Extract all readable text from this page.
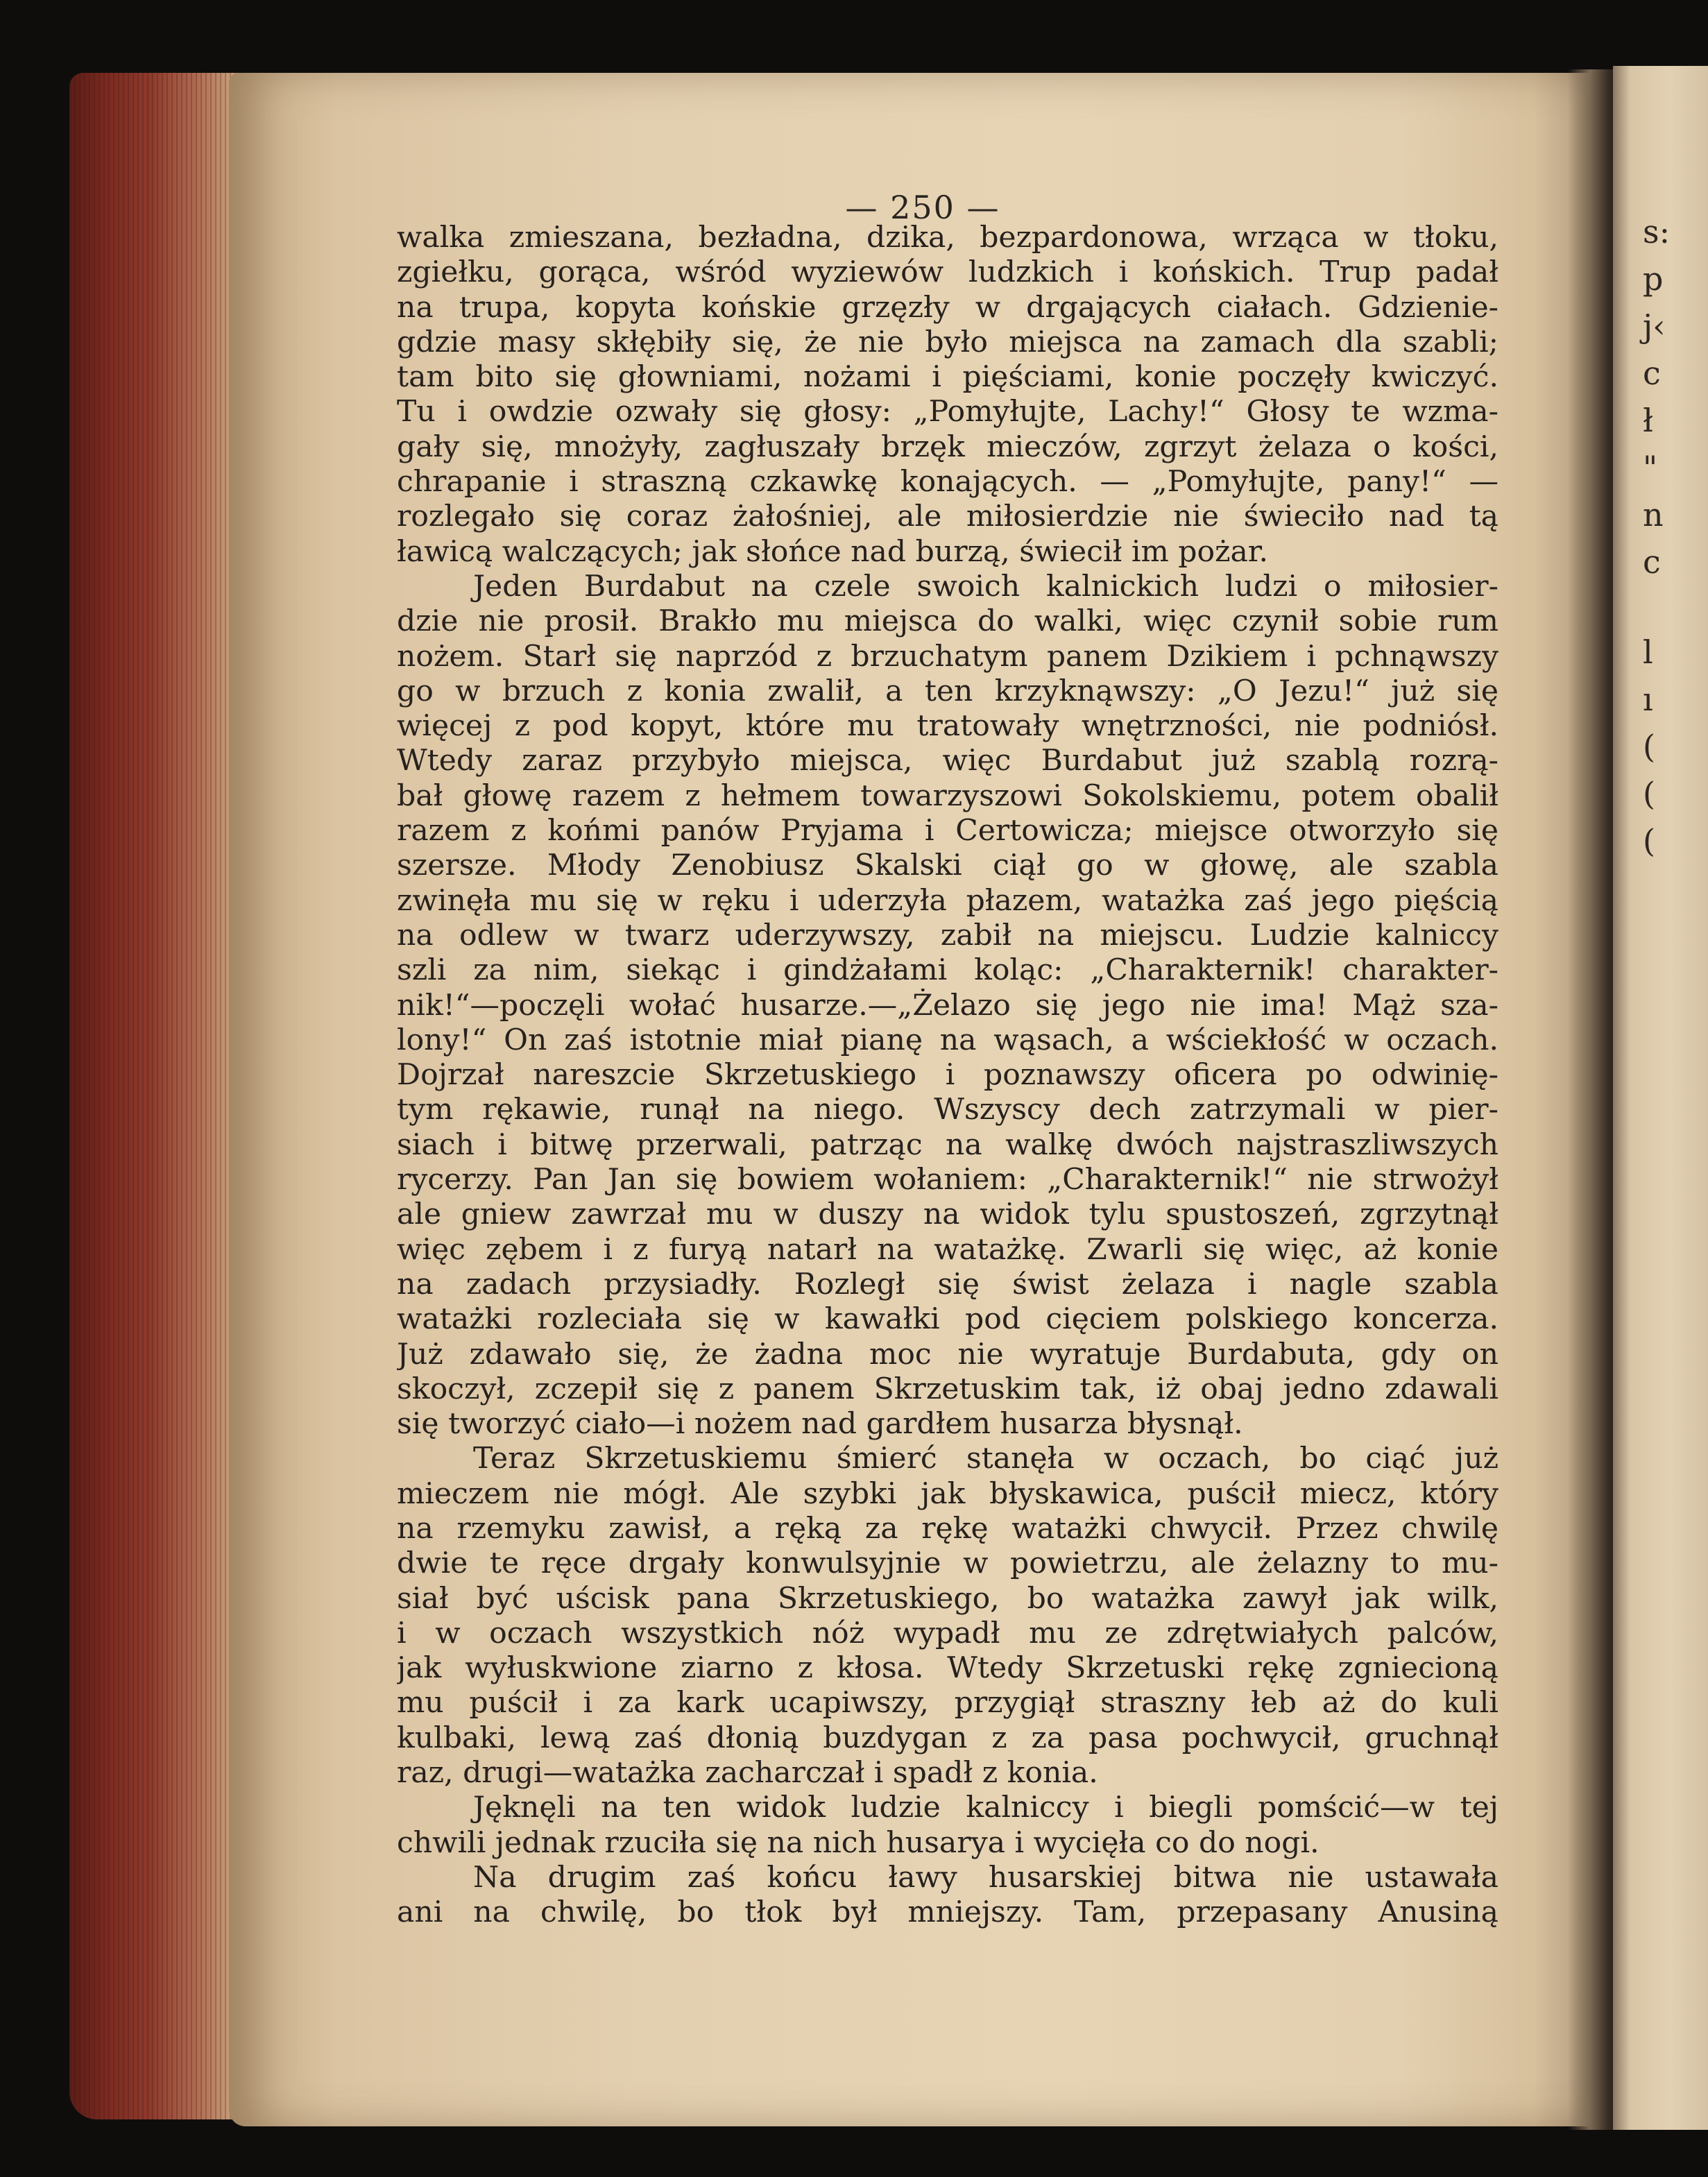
s:
p
j‹
c
ł
"
n
c
l
ı
(
(
(
— 250 —
walka zmieszana, bezładna, dzika, bezpardonowa, wrząca w tłoku,
zgiełku, gorąca, wśród wyziewów ludzkich i końskich. Trup padał
na trupa, kopyta końskie grzęzły w drgających ciałach. Gdzienie-
gdzie masy skłębiły się, że nie było miejsca na zamach dla szabli;
tam bito się głowniami, nożami i pięściami, konie poczęły kwiczyć.
Tu i owdzie ozwały się głosy: „Pomyłujte, Lachy!“ Głosy te wzma-
gały się, mnożyły, zagłuszały brzęk mieczów, zgrzyt żelaza o kości,
chrapanie i straszną czkawkę konających. — „Pomyłujte, pany!“ —
rozlegało się coraz żałośniej, ale miłosierdzie nie świeciło nad tą
ławicą walczących; jak słońce nad burzą, świecił im pożar.
Jeden Burdabut na czele swoich kalnickich ludzi o miłosier-
dzie nie prosił. Brakło mu miejsca do walki, więc czynił sobie rum
nożem. Starł się naprzód z brzuchatym panem Dzikiem i pchnąwszy
go w brzuch z konia zwalił, a ten krzyknąwszy: „O Jezu!“ już się
więcej z pod kopyt, które mu tratowały wnętrzności, nie podniósł.
Wtedy zaraz przybyło miejsca, więc Burdabut już szablą rozrą-
bał głowę razem z hełmem towarzyszowi Sokolskiemu, potem obalił
razem z końmi panów Pryjama i Certowicza; miejsce otworzyło się
szersze. Młody Zenobiusz Skalski ciął go w głowę, ale szabla
zwinęła mu się w ręku i uderzyła płazem, watażka zaś jego pięścią
na odlew w twarz uderzywszy, zabił na miejscu. Ludzie kalniccy
szli za nim, siekąc i gindżałami koląc: „Charakternik! charakter-
nik!“—poczęli wołać husarze.—„Żelazo się jego nie ima! Mąż sza-
lony!“ On zaś istotnie miał pianę na wąsach, a wściekłość w oczach.
Dojrzał nareszcie Skrzetuskiego i poznawszy oficera po odwinię-
tym rękawie, runął na niego. Wszyscy dech zatrzymali w pier-
siach i bitwę przerwali, patrząc na walkę dwóch najstraszliwszych
rycerzy. Pan Jan się bowiem wołaniem: „Charakternik!“ nie strwożył
ale gniew zawrzał mu w duszy na widok tylu spustoszeń, zgrzytnął
więc zębem i z furyą natarł na watażkę. Zwarli się więc, aż konie
na zadach przysiadły. Rozległ się świst żelaza i nagle szabla
watażki rozleciała się w kawałki pod cięciem polskiego koncerza.
Już zdawało się, że żadna moc nie wyratuje Burdabuta, gdy on
skoczył, zczepił się z panem Skrzetuskim tak, iż obaj jedno zdawali
się tworzyć ciało—i nożem nad gardłem husarza błysnął.
Teraz Skrzetuskiemu śmierć stanęła w oczach, bo ciąć już
mieczem nie mógł. Ale szybki jak błyskawica, puścił miecz, który
na rzemyku zawisł, a ręką za rękę watażki chwycił. Przez chwilę
dwie te ręce drgały konwulsyjnie w powietrzu, ale żelazny to mu-
siał być uścisk pana Skrzetuskiego, bo watażka zawył jak wilk,
i w oczach wszystkich nóż wypadł mu ze zdrętwiałych palców,
jak wyłuskwione ziarno z kłosa. Wtedy Skrzetuski rękę zgniecioną
mu puścił i za kark ucapiwszy, przygiął straszny łeb aż do kuli
kulbaki, lewą zaś dłonią buzdygan z za pasa pochwycił, gruchnął
raz, drugi—watażka zacharczał i spadł z konia.
Jęknęli na ten widok ludzie kalniccy i biegli pomścić—w tej
chwili jednak rzuciła się na nich husarya i wycięła co do nogi.
Na drugim zaś końcu ławy husarskiej bitwa nie ustawała
ani na chwilę, bo tłok był mniejszy. Tam, przepasany Anusiną
